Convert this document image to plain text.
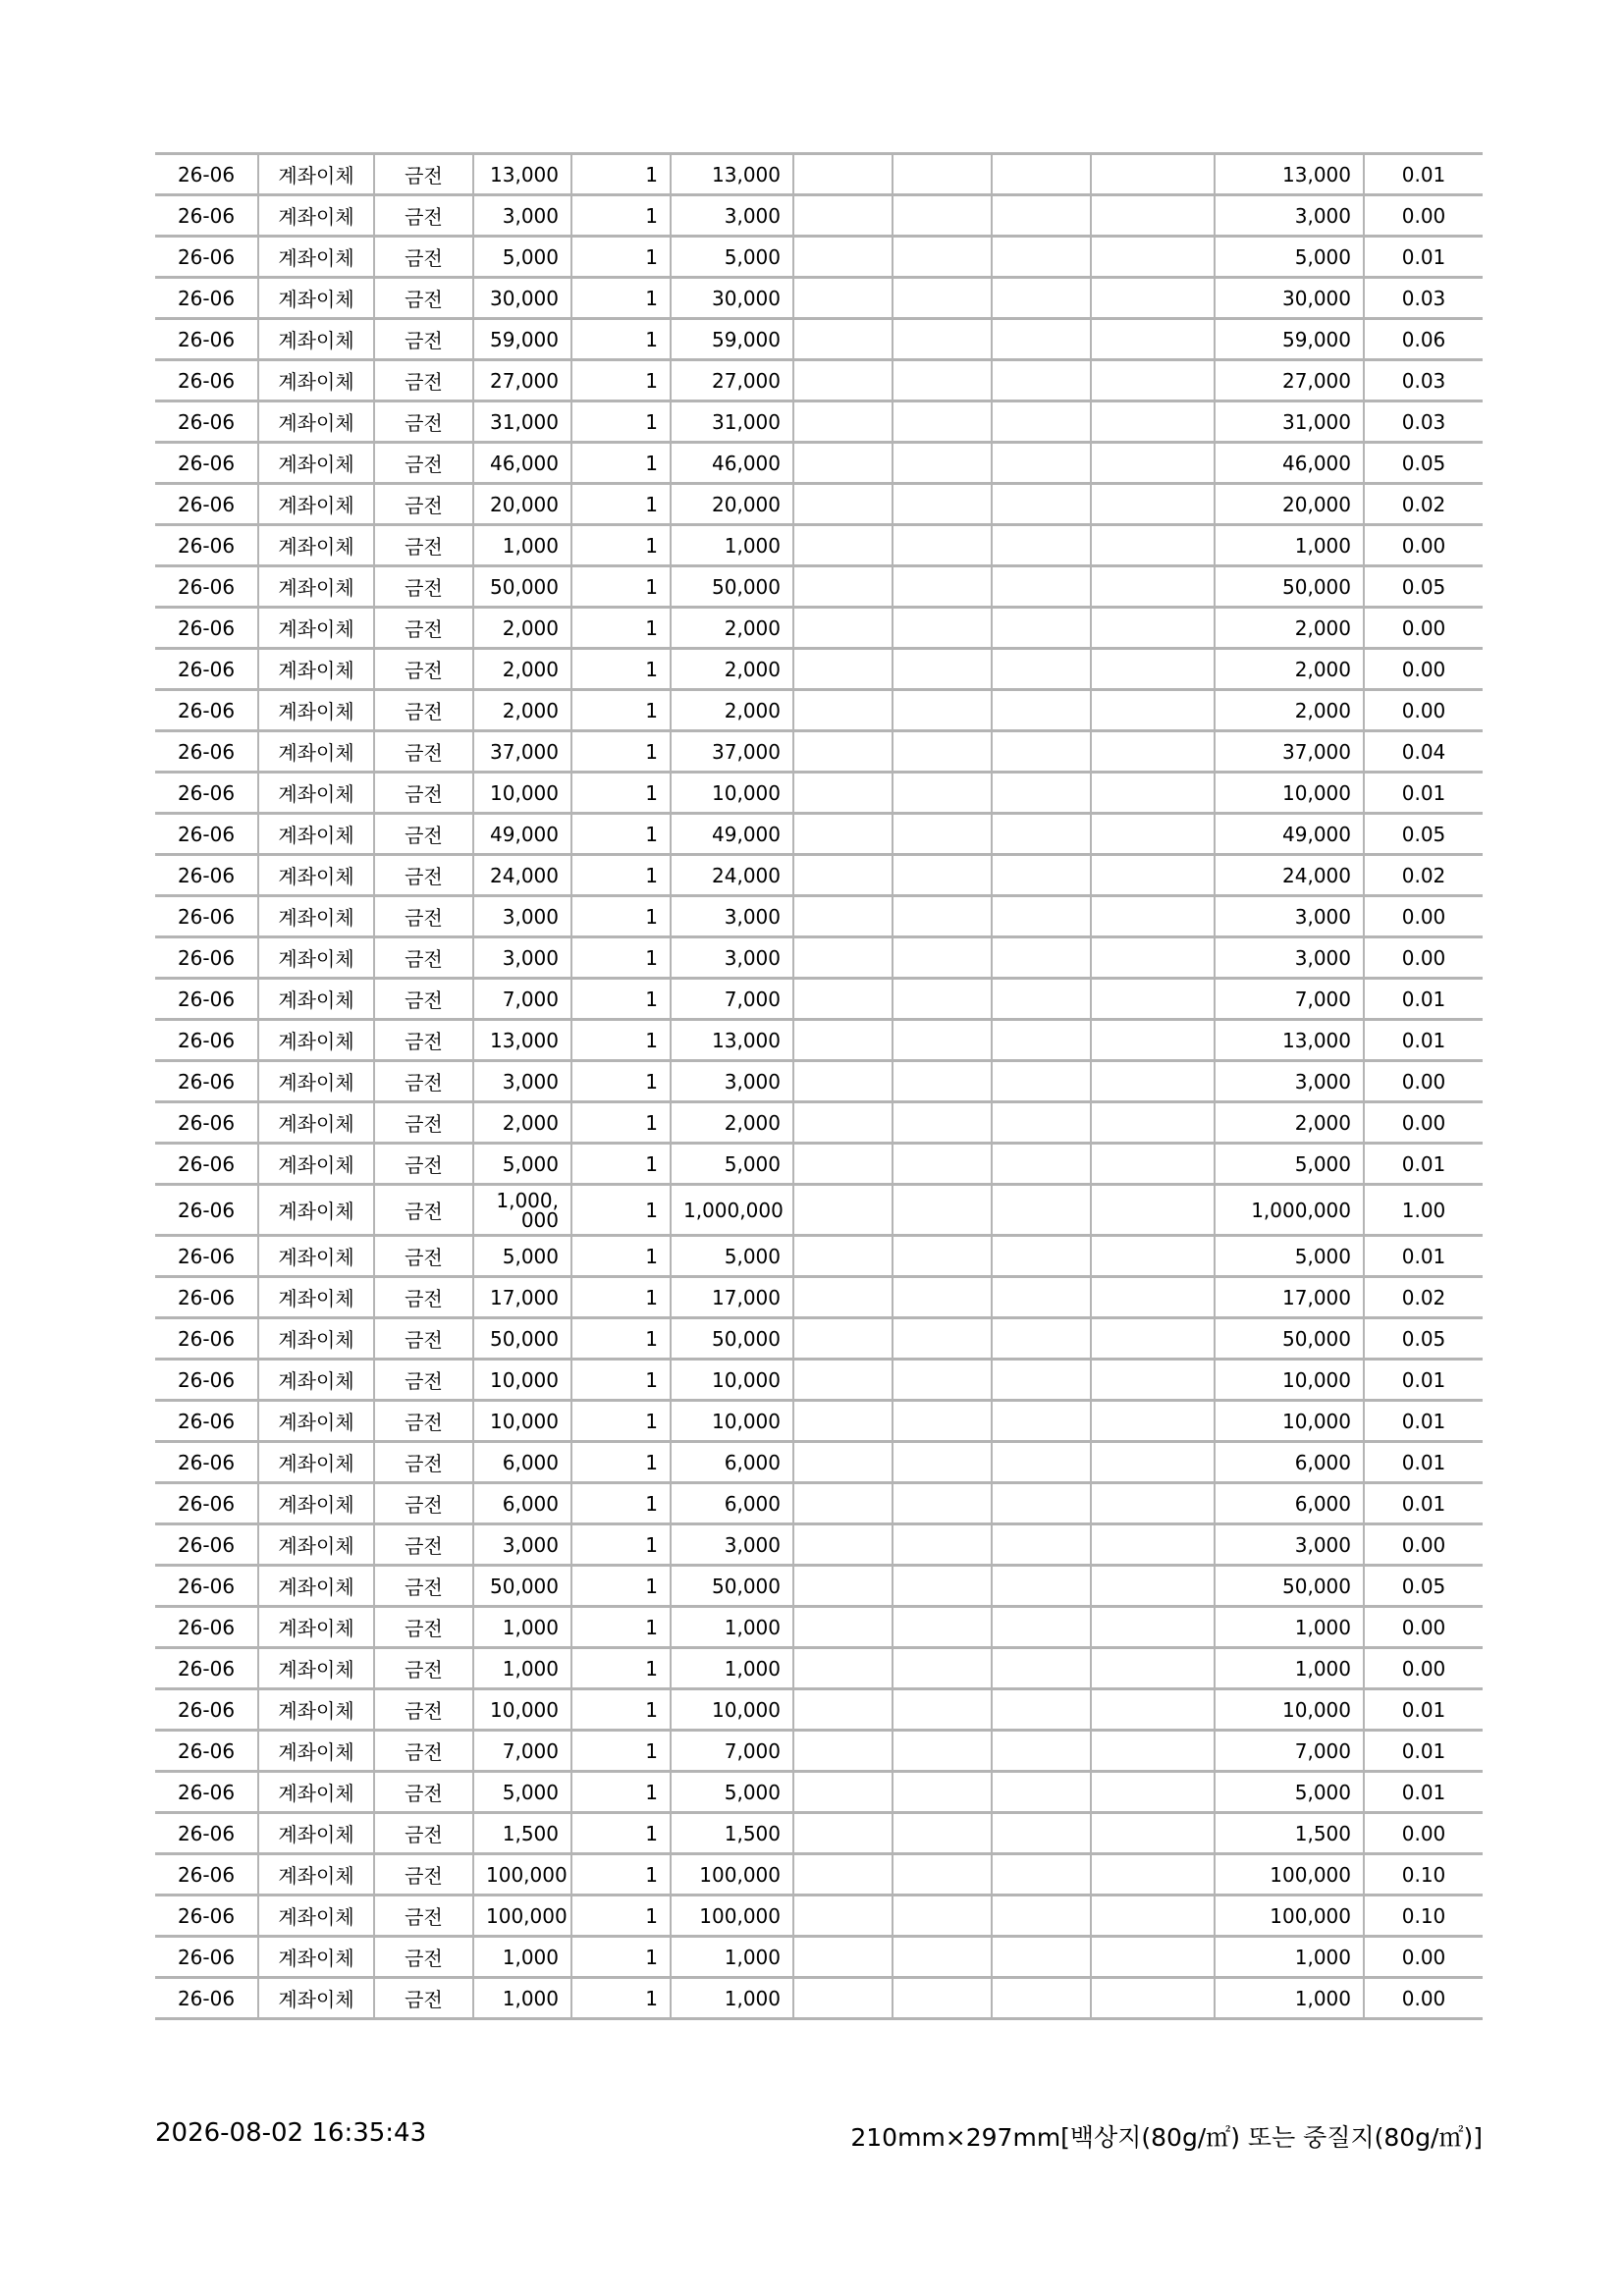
26-06	계좌이체	금전	13,000	1	13,000					13,000	0.01
26-06	계좌이체	금전	3,000	1	3,000					3,000	0.00
26-06	계좌이체	금전	5,000	1	5,000					5,000	0.01
26-06	계좌이체	금전	30,000	1	30,000					30,000	0.03
26-06	계좌이체	금전	59,000	1	59,000					59,000	0.06
26-06	계좌이체	금전	27,000	1	27,000					27,000	0.03
26-06	계좌이체	금전	31,000	1	31,000					31,000	0.03
26-06	계좌이체	금전	46,000	1	46,000					46,000	0.05
26-06	계좌이체	금전	20,000	1	20,000					20,000	0.02
26-06	계좌이체	금전	1,000	1	1,000					1,000	0.00
26-06	계좌이체	금전	50,000	1	50,000					50,000	0.05
26-06	계좌이체	금전	2,000	1	2,000					2,000	0.00
26-06	계좌이체	금전	2,000	1	2,000					2,000	0.00
26-06	계좌이체	금전	2,000	1	2,000					2,000	0.00
26-06	계좌이체	금전	37,000	1	37,000					37,000	0.04
26-06	계좌이체	금전	10,000	1	10,000					10,000	0.01
26-06	계좌이체	금전	49,000	1	49,000					49,000	0.05
26-06	계좌이체	금전	24,000	1	24,000					24,000	0.02
26-06	계좌이체	금전	3,000	1	3,000					3,000	0.00
26-06	계좌이체	금전	3,000	1	3,000					3,000	0.00
26-06	계좌이체	금전	7,000	1	7,000					7,000	0.01
26-06	계좌이체	금전	13,000	1	13,000					13,000	0.01
26-06	계좌이체	금전	3,000	1	3,000					3,000	0.00
26-06	계좌이체	금전	2,000	1	2,000					2,000	0.00
26-06	계좌이체	금전	5,000	1	5,000					5,000	0.01
26-06	계좌이체	금전	1,000,000	1	1,000,000					1,000,000	1.00
26-06	계좌이체	금전	5,000	1	5,000					5,000	0.01
26-06	계좌이체	금전	17,000	1	17,000					17,000	0.02
26-06	계좌이체	금전	50,000	1	50,000					50,000	0.05
26-06	계좌이체	금전	10,000	1	10,000					10,000	0.01
26-06	계좌이체	금전	10,000	1	10,000					10,000	0.01
26-06	계좌이체	금전	6,000	1	6,000					6,000	0.01
26-06	계좌이체	금전	6,000	1	6,000					6,000	0.01
26-06	계좌이체	금전	3,000	1	3,000					3,000	0.00
26-06	계좌이체	금전	50,000	1	50,000					50,000	0.05
26-06	계좌이체	금전	1,000	1	1,000					1,000	0.00
26-06	계좌이체	금전	1,000	1	1,000					1,000	0.00
26-06	계좌이체	금전	10,000	1	10,000					10,000	0.01
26-06	계좌이체	금전	7,000	1	7,000					7,000	0.01
26-06	계좌이체	금전	5,000	1	5,000					5,000	0.01
26-06	계좌이체	금전	1,500	1	1,500					1,500	0.00
26-06	계좌이체	금전	100,000	1	100,000					100,000	0.10
26-06	계좌이체	금전	100,000	1	100,000					100,000	0.10
26-06	계좌이체	금전	1,000	1	1,000					1,000	0.00
26-06	계좌이체	금전	1,000	1	1,000					1,000	0.00
2026-08-02 16:35:43	210mm×297mm[백상지(80g/㎡) 또는 중질지(80g/㎡)]
